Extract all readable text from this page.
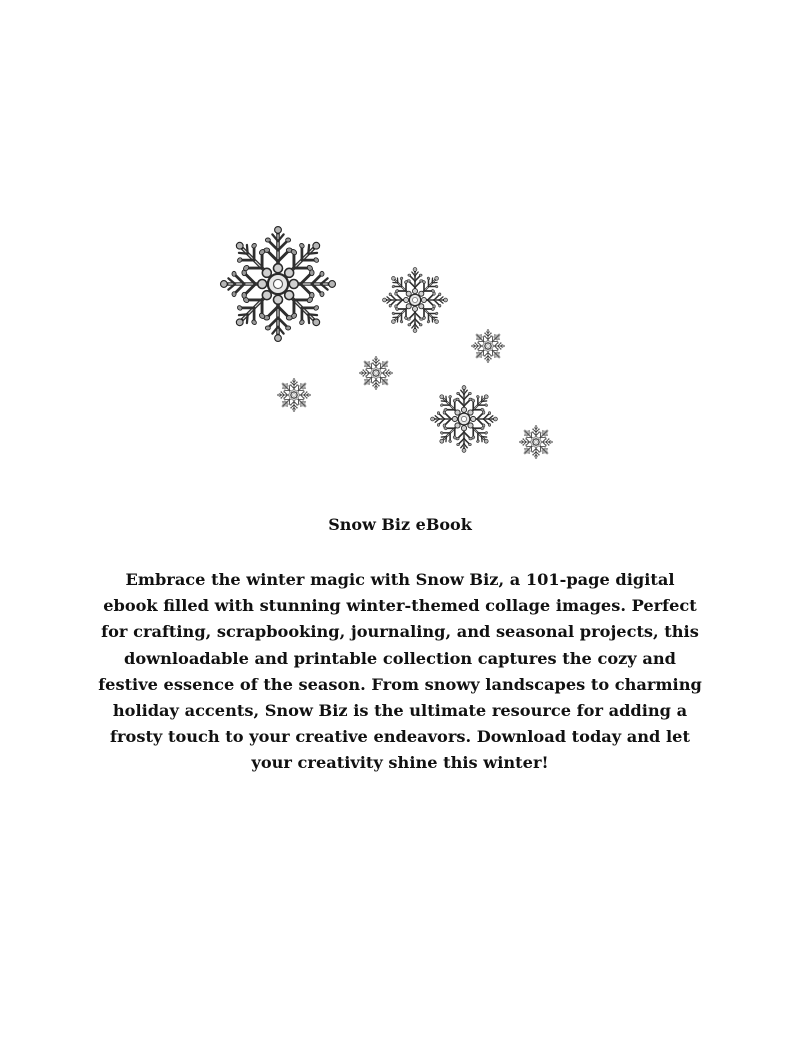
Snow Biz eBook
Embrace the winter magic with Snow Biz, a 101-page digital ebook filled with stunning winter-themed collage images. Perfect for crafting, scrapbooking, journaling, and seasonal projects, this downloadable and printable collection captures the cozy and festive essence of the season. From snowy landscapes to charming holiday accents, Snow Biz is the ultimate resource for adding a frosty touch to your creative endeavors. Download today and let your creativity shine this winter!
